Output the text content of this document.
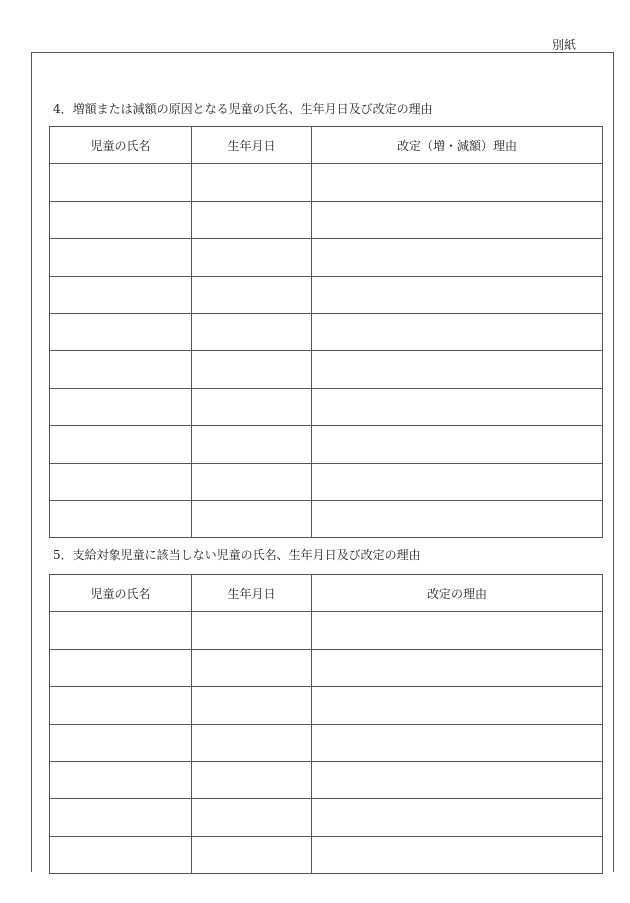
別紙
4．増額または減額の原因となる児童の氏名、生年月日及び改定の理由
児童の氏名	生年月日	改定（増・減額）理由

5．支給対象児童に該当しない児童の氏名、生年月日及び改定の理由
児童の氏名	生年月日	改定の理由
